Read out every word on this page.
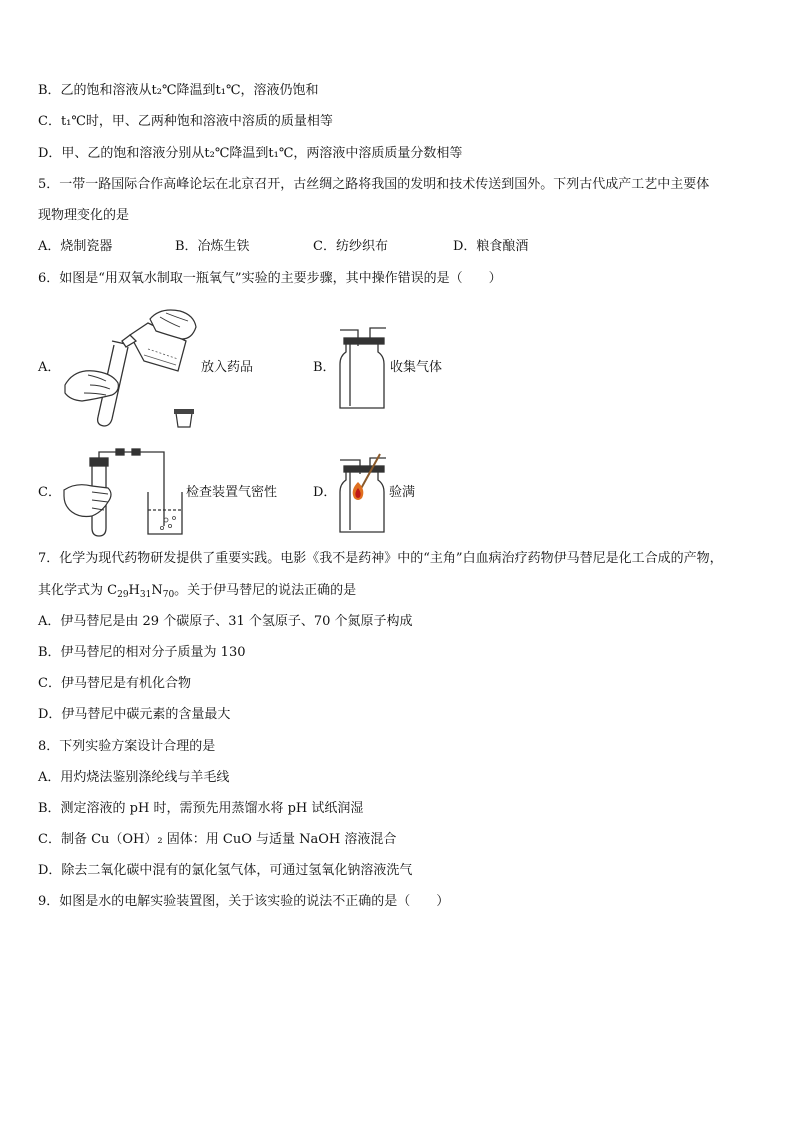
B．乙的饱和溶液从t₂℃降温到t₁℃，溶液仍饱和
C．t₁℃时，甲、乙两种饱和溶液中溶质的质量相等
D．甲、乙的饱和溶液分别从t₂℃降温到t₁℃，两溶液中溶质质量分数相等
5．一带一路国际合作高峰论坛在北京召开，古丝绸之路将我国的发明和技术传送到国外。下列古代成产工艺中主要体
现物理变化的是
A．烧制瓷器	B．冶炼生铁	C．纺纱织布	D．粮食酿酒
6．如图是“用双氧水制取一瓶氧气”实验的主要步骤，其中操作错误的是（　　）
A．	放入药品	B．	收集气体
C．	检查装置气密性	D．	验满
7．化学为现代药物研发提供了重要实践。电影《我不是药神》中的“主角”白血病治疗药物伊马替尼是化工合成的产物，
其化学式为 $C_{29}H_{31}N_{70}$。关于伊马替尼的说法正确的是
A．伊马替尼是由 29 个碳原子、31 个氢原子、70 个氮原子构成
B．伊马替尼的相对分子质量为 130
C．伊马替尼是有机化合物
D．伊马替尼中碳元素的含量最大
8．下列实验方案设计合理的是
A．用灼烧法鉴别涤纶线与羊毛线
B．测定溶液的 pH 时，需预先用蒸馏水将 pH 试纸润湿
C．制备 Cu（OH）₂ 固体：用 CuO 与适量 NaOH 溶液混合
D．除去二氧化碳中混有的氯化氢气体，可通过氢氧化钠溶液洗气
9．如图是水的电解实验装置图，关于该实验的说法不正确的是（　　）
